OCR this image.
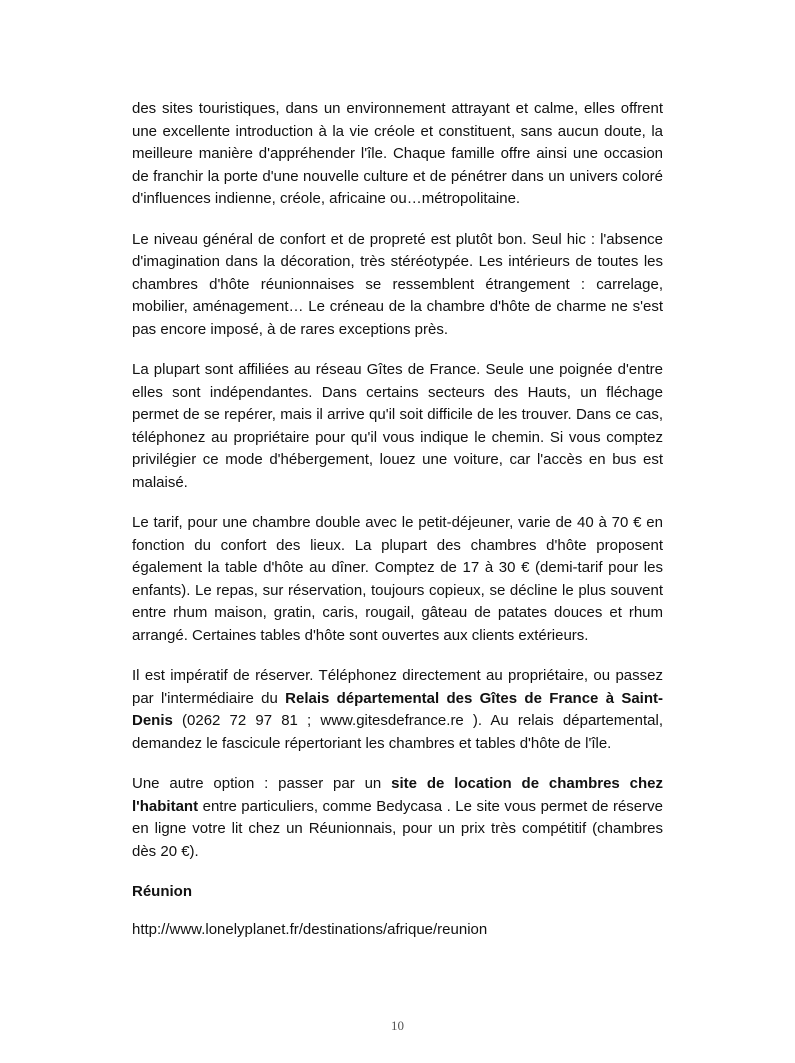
des sites touristiques, dans un environnement attrayant et calme, elles offrent une excellente introduction à la vie créole et constituent, sans aucun doute, la meilleure manière d'appréhender l'île. Chaque famille offre ainsi une occasion de franchir la porte d'une nouvelle culture et de pénétrer dans un univers coloré d'influences indienne, créole, africaine ou…métropolitaine.

Le niveau général de confort et de propreté est plutôt bon. Seul hic : l'absence d'imagination dans la décoration, très stéréotypée. Les intérieurs de toutes les chambres d'hôte réunionnaises se ressemblent étrangement : carrelage, mobilier, aménagement… Le créneau de la chambre d'hôte de charme ne s'est pas encore imposé, à de rares exceptions près.

La plupart sont affiliées au réseau Gîtes de France. Seule une poignée d'entre elles sont indépendantes. Dans certains secteurs des Hauts, un fléchage permet de se repérer, mais il arrive qu'il soit difficile de les trouver. Dans ce cas, téléphonez au propriétaire pour qu'il vous indique le chemin. Si vous comptez privilégier ce mode d'hébergement, louez une voiture, car l'accès en bus est malaisé.

Le tarif, pour une chambre double avec le petit-déjeuner, varie de 40 à 70 € en fonction du confort des lieux. La plupart des chambres d'hôte proposent également la table d'hôte au dîner. Comptez de 17 à 30 € (demi-tarif pour les enfants). Le repas, sur réservation, toujours copieux, se décline le plus souvent entre rhum maison, gratin, caris, rougail, gâteau de patates douces et rhum arrangé. Certaines tables d'hôte sont ouvertes aux clients extérieurs.

Il est impératif de réserver. Téléphonez directement au propriétaire, ou passez par l'intermédiaire du Relais départemental des Gîtes de France à Saint-Denis (0262 72 97 81 ; www.gitesdefrance.re ). Au relais départemental, demandez le fascicule répertoriant les chambres et tables d'hôte de l'île.

Une autre option : passer par un site de location de chambres chez l'habitant entre particuliers, comme Bedycasa . Le site vous permet de réserve en ligne votre lit chez un Réunionnais, pour un prix très compétitif (chambres dès 20 €).

Réunion

http://www.lonelyplanet.fr/destinations/afrique/reunion

10
